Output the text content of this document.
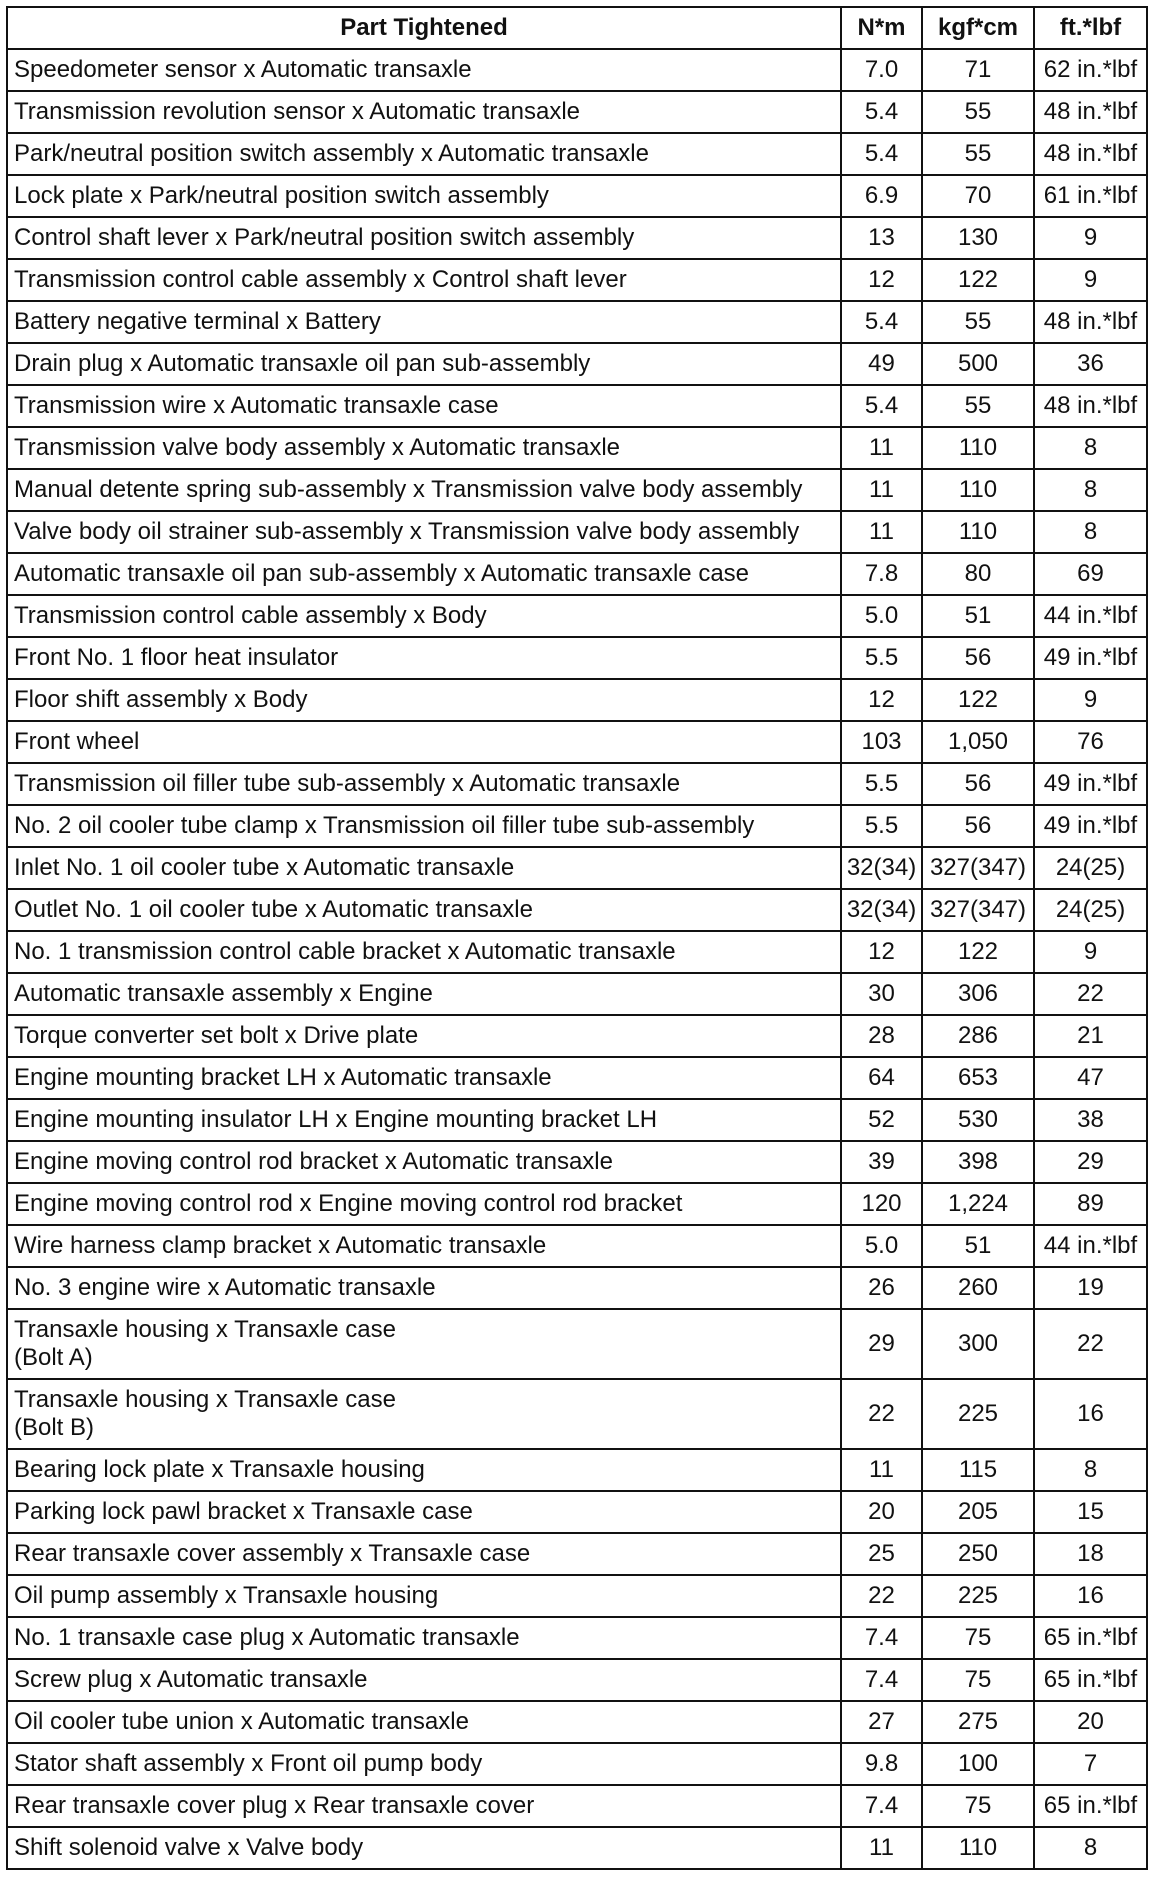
Part Tightened	N*m	kgf*cm	ft.*lbf

Speedometer sensor x Automatic transaxle	7.0	71	62 in.*lbf

Transmission revolution sensor x Automatic transaxle	5.4	55	48 in.*lbf

Park/neutral position switch assembly x Automatic transaxle	5.4	55	48 in.*lbf

Lock plate x Park/neutral position switch assembly	6.9	70	61 in.*lbf

Control shaft lever x Park/neutral position switch assembly	13	130	9

Transmission control cable assembly x Control shaft lever	12	122	9

Battery negative terminal x Battery	5.4	55	48 in.*lbf

Drain plug x Automatic transaxle oil pan sub-assembly	49	500	36

Transmission wire x Automatic transaxle case	5.4	55	48 in.*lbf

Transmission valve body assembly x Automatic transaxle	11	110	8

Manual detente spring sub-assembly x Transmission valve body assembly	11	110	8

Valve body oil strainer sub-assembly x Transmission valve body assembly	11	110	8

Automatic transaxle oil pan sub-assembly x Automatic transaxle case	7.8	80	69

Transmission control cable assembly x Body	5.0	51	44 in.*lbf

Front No. 1 floor heat insulator	5.5	56	49 in.*lbf

Floor shift assembly x Body	12	122	9

Front wheel	103	1,050	76

Transmission oil filler tube sub-assembly x Automatic transaxle	5.5	56	49 in.*lbf

No. 2 oil cooler tube clamp x Transmission oil filler tube sub-assembly	5.5	56	49 in.*lbf

Inlet No. 1 oil cooler tube x Automatic transaxle	32(34)	327(347)	24(25)

Outlet No. 1 oil cooler tube x Automatic transaxle	32(34)	327(347)	24(25)

No. 1 transmission control cable bracket x Automatic transaxle	12	122	9

Automatic transaxle assembly x Engine	30	306	22

Torque converter set bolt x Drive plate	28	286	21

Engine mounting bracket LH x Automatic transaxle	64	653	47

Engine mounting insulator LH x Engine mounting bracket LH	52	530	38

Engine moving control rod bracket x Automatic transaxle	39	398	29

Engine moving control rod x Engine moving control rod bracket	120	1,224	89

Wire harness clamp bracket x Automatic transaxle	5.0	51	44 in.*lbf

No. 3 engine wire x Automatic transaxle	26	260	19

Transaxle housing x Transaxle case
(Bolt A)	29	300	22

Transaxle housing x Transaxle case
(Bolt B)	22	225	16

Bearing lock plate x Transaxle housing	11	115	8

Parking lock pawl bracket x Transaxle case	20	205	15

Rear transaxle cover assembly x Transaxle case	25	250	18

Oil pump assembly x Transaxle housing	22	225	16

No. 1 transaxle case plug x Automatic transaxle	7.4	75	65 in.*lbf

Screw plug x Automatic transaxle	7.4	75	65 in.*lbf

Oil cooler tube union x Automatic transaxle	27	275	20

Stator shaft assembly x Front oil pump body	9.8	100	7

Rear transaxle cover plug x Rear transaxle cover	7.4	75	65 in.*lbf

Shift solenoid valve x Valve body	11	110	8
